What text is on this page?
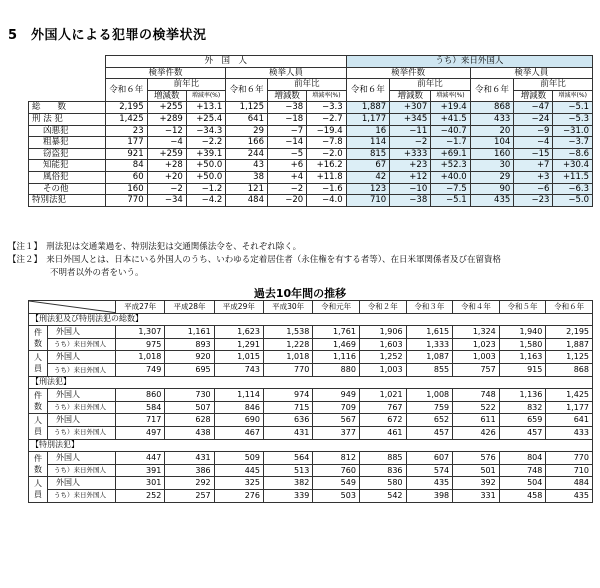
5　外国人による犯罪の検挙状況
	外　国　人						うち）来日外国人					
	検挙件数			検挙人員			検挙件数			検挙人員		
	令和６年	前年比		令和６年	前年比		令和６年	前年比		令和６年	前年比	
		増減数	増減率(%)		増減数	増減率(%)		増減数	増減率(%)		増減数	増減率(%)
総　　数	2,195	+255	+13.1	1,125	−38	−3.3	1,887	+307	+19.4	868	−47	−5.1
刑 法 犯	1,425	+289	+25.4	641	−18	−2.7	1,177	+345	+41.5	433	−24	−5.3
凶悪犯	23	−12	−34.3	29	−7	−19.4	16	−11	−40.7	20	−9	−31.0
粗暴犯	177	−4	−2.2	166	−14	−7.8	114	−2	−1.7	104	−4	−3.7
窃盗犯	921	+259	+39.1	244	−5	−2.0	815	+333	+69.1	160	−15	−8.6
知能犯	84	+28	+50.0	43	+6	+16.2	67	+23	+52.3	30	+7	+30.4
風俗犯	60	+20	+50.0	38	+4	+11.8	42	+12	+40.0	29	+3	+11.5
その他	160	−2	−1.2	121	−2	−1.6	123	−10	−7.5	90	−6	−6.3
特別法犯	770	−34	−4.2	484	−20	−4.0	710	−38	−5.1	435	−23	−5.0
【注１】　 刑法犯は交通業過を、特別法犯は交通関係法令を、それぞれ除く。
【注２】　 来日外国人とは、日本にいる外国人のうち、いわゆる定着居住者（永住権を有する者等）、在日米軍関係者及び在留資格
不明者以外の者をいう。
過去10年間の推移
	平成27年	平成28年	平成29年	平成30年	令和元年	令和２年	令和３年	令和４年	令和５年	令和６年
【刑法犯及び特別法犯の総数】											
件数	外国人	1,307	1,161	1,623	1,538	1,761	1,906	1,615	1,324	1,940	2,195
	うち）来日外国人	975	893	1,291	1,228	1,469	1,603	1,333	1,023	1,580	1,887
人員	外国人	1,018	920	1,015	1,018	1,116	1,252	1,087	1,003	1,163	1,125
	うち）来日外国人	749	695	743	770	880	1,003	855	757	915	868
【刑法犯】											
件数	外国人	860	730	1,114	974	949	1,021	1,008	748	1,136	1,425
	うち）来日外国人	584	507	846	715	709	767	759	522	832	1,177
人員	外国人	717	628	690	636	567	672	652	611	659	641
	うち）来日外国人	497	438	467	431	377	461	457	426	457	433
【特別法犯】											
件数	外国人	447	431	509	564	812	885	607	576	804	770
	うち）来日外国人	391	386	445	513	760	836	574	501	748	710
人員	外国人	301	292	325	382	549	580	435	392	504	484
	うち）来日外国人	252	257	276	339	503	542	398	331	458	435
